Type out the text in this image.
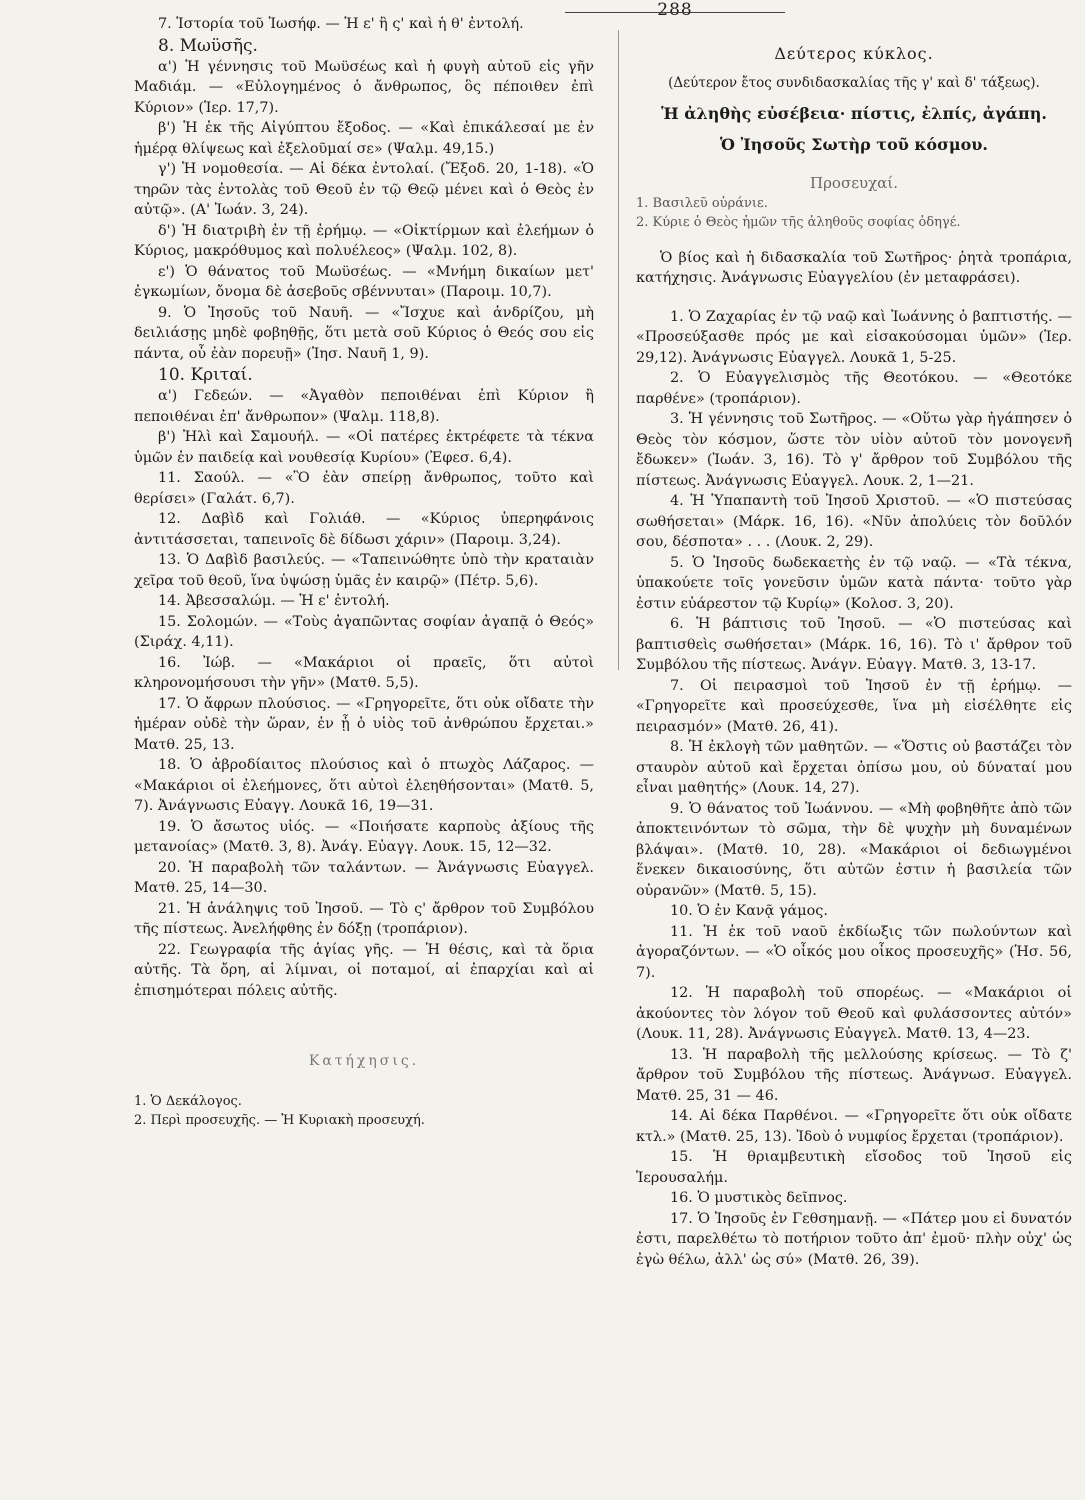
288

7. Ἱστορία τοῦ Ἰωσήφ. — Ἡ ε' ἢ ς' καὶ ἡ θ' ἐντολή.

8. Μωϋσῆς.

α') Ἡ γέννησις τοῦ Μωϋσέως καὶ ἡ φυγὴ αὐτοῦ εἰς γῆν Μαδιάμ. — «Εὐλογημένος ὁ ἄνθρωπος, ὃς πέποιθεν ἐπὶ Κύριον» (Ἱερ. 17,7).

β') Ἡ ἐκ τῆς Αἰγύπτου ἔξοδος. — «Καὶ ἐπικάλεσαί με ἐν ἡμέρᾳ θλίψεως καὶ ἐξελοῦμαί σε» (Ψαλμ. 49,15.)

γ') Ἡ νομοθεσία. — Αἱ δέκα ἐντολαί. (Ἔξοδ. 20, 1-18). «Ὁ τηρῶν τὰς ἐντολὰς τοῦ Θεοῦ ἐν τῷ Θεῷ μένει καὶ ὁ Θεὸς ἐν αὐτῷ». (Α' Ἰωάν. 3, 24).

δ') Ἡ διατριβὴ ἐν τῇ ἐρήμῳ. — «Οἰκτίρμων καὶ ἐλεήμων ὁ Κύριος, μακρόθυμος καὶ πολυέλεος» (Ψαλμ. 102, 8).

ε') Ὁ θάνατος τοῦ Μωϋσέως. — «Μνήμη δικαίων μετ' ἐγκωμίων, ὄνομα δὲ ἀσεβοῦς σβέννυται» (Παροιμ. 10,7).

9. Ὁ Ἰησοῦς τοῦ Ναυῆ. — «Ἴσχυε καὶ ἀνδρίζου, μὴ δειλιάσῃς μηδὲ φοβηθῇς, ὅτι μετὰ σοῦ Κύριος ὁ Θεός σου εἰς πάντα, οὗ ἐὰν πορευῇ» (Ἰησ. Ναυῆ 1, 9).

10. Κριταί.

α') Γεδεών. — «Ἀγαθὸν πεποιθέναι ἐπὶ Κύριον ἢ πεποιθέναι ἐπ' ἄνθρωπον» (Ψαλμ. 118,8).

β') Ἠλὶ καὶ Σαμουήλ. — «Οἱ πατέρες ἐκτρέφετε τὰ τέκνα ὑμῶν ἐν παιδείᾳ καὶ νουθεσίᾳ Κυρίου» (Ἐφεσ. 6,4).

11. Σαούλ. — «Ὃ ἐὰν σπείρῃ ἄνθρωπος, τοῦτο καὶ θερίσει» (Γαλάτ. 6,7).

12. Δαβὶδ καὶ Γολιάθ. — «Κύριος ὑπερηφάνοις ἀντιτάσσεται, ταπεινοῖς δὲ δίδωσι χάριν» (Παροιμ. 3,24).

13. Ὁ Δαβὶδ βασιλεύς. — «Ταπεινώθητε ὑπὸ τὴν κραταιὰν χεῖρα τοῦ θεοῦ, ἵνα ὑψώσῃ ὑμᾶς ἐν καιρῷ» (Πέτρ. 5,6).

14. Ἀβεσσαλώμ. — Ἡ ε' ἐντολή.

15. Σολομών. — «Τοὺς ἀγαπῶντας σοφίαν ἀγαπᾷ ὁ Θεός» (Σιράχ. 4,11).

16. Ἰώβ. — «Μακάριοι οἱ πραεῖς, ὅτι αὐτοὶ κληρονομήσουσι τὴν γῆν» (Ματθ. 5,5).

17. Ὁ ἄφρων πλούσιος. — «Γρηγορεῖτε, ὅτι οὐκ οἴδατε τὴν ἡμέραν οὐδὲ τὴν ὥραν, ἐν ᾗ ὁ υἱὸς τοῦ ἀνθρώπου ἔρχεται.» Ματθ. 25, 13.

18. Ὁ ἀβροδίαιτος πλούσιος καὶ ὁ πτωχὸς Λάζαρος. — «Μακάριοι οἱ ἐλεήμονες, ὅτι αὐτοὶ ἐλεηθήσονται» (Ματθ. 5, 7). Ἀνάγνωσις Εὐαγγ. Λουκᾶ 16, 19—31.

19. Ὁ ἄσωτος υἱός. — «Ποιήσατε καρποὺς ἀξίους τῆς μετανοίας» (Ματθ. 3, 8). Ἀνάγ. Εὐαγγ. Λουκ. 15, 12—32.

20. Ἡ παραβολὴ τῶν ταλάντων. — Ἀνάγνωσις Εὐαγγελ. Ματθ. 25, 14—30.

21. Ἡ ἀνάληψις τοῦ Ἰησοῦ. — Τὸ ς' ἄρθρον τοῦ Συμβόλου τῆς πίστεως. Ἀνελήφθης ἐν δόξῃ (τροπάριον).

22. Γεωγραφία τῆς ἁγίας γῆς. — Ἡ θέσις, καὶ τὰ ὅρια αὐτῆς. Τὰ ὄρη, αἱ λίμναι, οἱ ποταμοί, αἱ ἐπαρχίαι καὶ αἱ ἐπισημότεραι πόλεις αὐτῆς.

Κατήχησις.

1. Ὁ Δεκάλογος.

2. Περὶ προσευχῆς. — Ἡ Κυριακὴ προσευχή.

Δεύτερος κύκλος.
(Δεύτερον ἔτος συνδιδασκαλίας τῆς γ' καὶ δ' τάξεως).
Ἡ ἀληθὴς εὐσέβεια· πίστις, ἐλπίς, ἀγάπη.
Ὁ Ἰησοῦς Σωτὴρ τοῦ κόσμου.
Προσευχαί.

1. Βασιλεῦ οὐράνιε.

2. Κύριε ὁ Θεὸς ἡμῶν τῆς ἀληθοῦς σοφίας ὁδηγέ.

Ὁ βίος καὶ ἡ διδασκαλία τοῦ Σωτῆρος· ῥητὰ τροπάρια, κατήχησις. Ἀνάγνωσις Εὐαγγελίου (ἐν μεταφράσει).

1. Ὁ Ζαχαρίας ἐν τῷ ναῷ καὶ Ἰωάννης ὁ βαπτιστής. — «Προσεύξασθε πρός με καὶ εἰσακούσομαι ὑμῶν» (Ἱερ. 29,12). Ἀνάγνωσις Εὐαγγελ. Λουκᾶ 1, 5-25.

2. Ὁ Εὐαγγελισμὸς τῆς Θεοτόκου. — «Θεοτόκε παρθένε» (τροπάριον).

3. Ἡ γέννησις τοῦ Σωτῆρος. — «Οὕτω γὰρ ἠγάπησεν ὁ Θεὸς τὸν κόσμον, ὥστε τὸν υἱὸν αὐτοῦ τὸν μονογενῆ ἔδωκεν» (Ἰωάν. 3, 16). Τὸ γ' ἄρθρον τοῦ Συμβόλου τῆς πίστεως. Ἀνάγνωσις Εὐαγγελ. Λουκ. 2, 1—21.

4. Ἡ Ὑπαπαντὴ τοῦ Ἰησοῦ Χριστοῦ. — «Ὁ πιστεύσας σωθήσεται» (Μάρκ. 16, 16). «Νῦν ἀπολύεις τὸν δοῦλόν σου, δέσποτα» . . . (Λουκ. 2, 29).

5. Ὁ Ἰησοῦς δωδεκαετὴς ἐν τῷ ναῷ. — «Τὰ τέκνα, ὑπακούετε τοῖς γονεῦσιν ὑμῶν κατὰ πάντα· τοῦτο γὰρ ἐστιν εὐάρεστον τῷ Κυρίῳ» (Κολοσ. 3, 20).

6. Ἡ βάπτισις τοῦ Ἰησοῦ. — «Ὁ πιστεύσας καὶ βαπτισθεὶς σωθήσεται» (Μάρκ. 16, 16). Τὸ ι' ἄρθρον τοῦ Συμβόλου τῆς πίστεως. Ἀνάγν. Εὐαγγ. Ματθ. 3, 13-17.

7. Οἱ πειρασμοὶ τοῦ Ἰησοῦ ἐν τῇ ἐρήμῳ. — «Γρηγορεῖτε καὶ προσεύχεσθε, ἵνα μὴ εἰσέλθητε εἰς πειρασμόν» (Ματθ. 26, 41).

8. Ἡ ἐκλογὴ τῶν μαθητῶν. — «Ὅστις οὐ βαστάζει τὸν σταυρὸν αὐτοῦ καὶ ἔρχεται ὀπίσω μου, οὐ δύναταί μου εἶναι μαθητής» (Λουκ. 14, 27).

9. Ὁ θάνατος τοῦ Ἰωάννου. — «Μὴ φοβηθῆτε ἀπὸ τῶν ἀποκτεινόντων τὸ σῶμα, τὴν δὲ ψυχὴν μὴ δυναμένων βλάψαι». (Ματθ. 10, 28). «Μακάριοι οἱ δεδιωγμένοι ἕνεκεν δικαιοσύνης, ὅτι αὐτῶν ἐστιν ἡ βασιλεία τῶν οὐρανῶν» (Ματθ. 5, 15).

10. Ὁ ἐν Κανᾷ γάμος.

11. Ἡ ἐκ τοῦ ναοῦ ἐκδίωξις τῶν πωλούντων καὶ ἀγοραζόντων. — «Ὁ οἶκός μου οἶκος προσευχῆς» (Ἡσ. 56, 7).

12. Ἡ παραβολὴ τοῦ σπορέως. — «Μακάριοι οἱ ἀκούοντες τὸν λόγον τοῦ Θεοῦ καὶ φυλάσσοντες αὐτόν» (Λουκ. 11, 28). Ἀνάγνωσις Εὐαγγελ. Ματθ. 13, 4—23.

13. Ἡ παραβολὴ τῆς μελλούσης κρίσεως. — Τὸ ζ' ἄρθρον τοῦ Συμβόλου τῆς πίστεως. Ἀνάγνωσ. Εὐαγγελ. Ματθ. 25, 31 — 46.

14. Αἱ δέκα Παρθένοι. — «Γρηγορεῖτε ὅτι οὐκ οἴδατε κτλ.» (Ματθ. 25, 13). Ἰδοὺ ὁ νυμφίος ἔρχεται (τροπάριον).

15. Ἡ θριαμβευτικὴ εἴσοδος τοῦ Ἰησοῦ εἰς Ἱερουσαλήμ.

16. Ὁ μυστικὸς δεῖπνος.

17. Ὁ Ἰησοῦς ἐν Γεθσημανῇ. — «Πάτερ μου εἰ δυνατόν ἐστι, παρελθέτω τὸ ποτήριον τοῦτο ἀπ' ἐμοῦ· πλὴν οὐχ' ὡς ἐγὼ θέλω, ἀλλ' ὡς σύ» (Ματθ. 26, 39).
